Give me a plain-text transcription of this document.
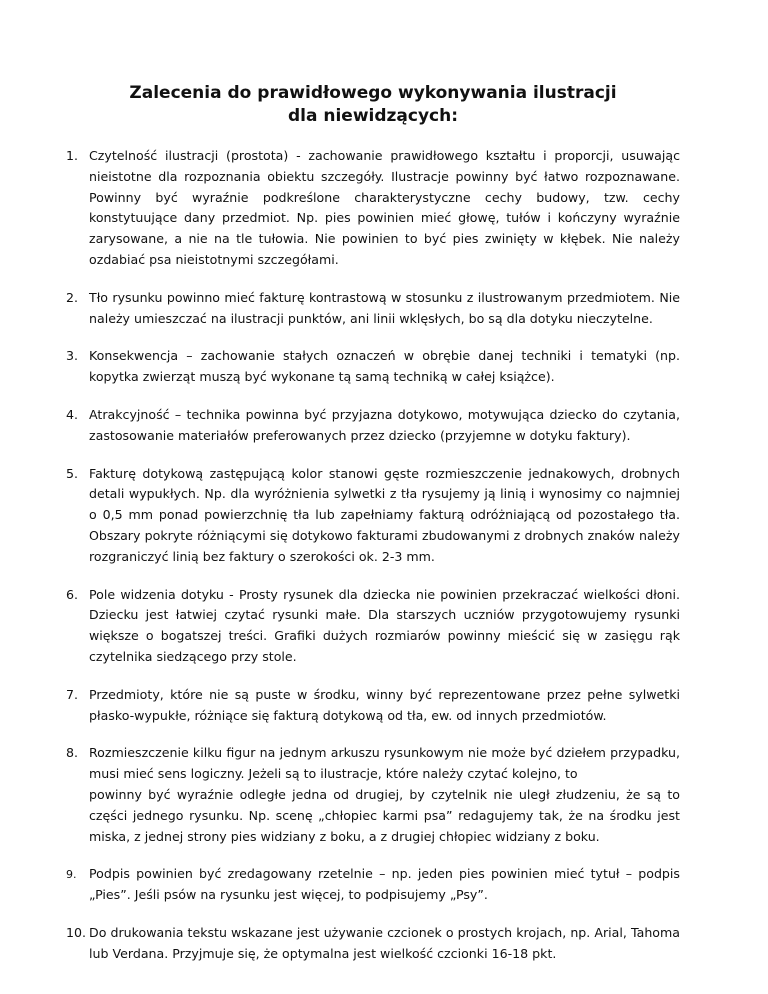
Zalecenia do prawidłowego wykonywania ilustracji
dla niewidzących:
1. Czytelność ilustracji (prostota) - zachowanie prawidłowego kształtu i proporcji, usuwając nieistotne dla rozpoznania obiektu szczegóły. Ilustracje powinny być łatwo rozpoznawane. Powinny być wyraźnie podkreślone charakterystyczne cechy budowy, tzw. cechy konstytuujące dany przedmiot. Np. pies powinien mieć głowę, tułów i kończyny wyraźnie zarysowane, a nie na tle tułowia. Nie powinien to być pies zwinięty w kłębek. Nie należy ozdabiać psa nieistotnymi szczegółami.
2. Tło rysunku powinno mieć fakturę kontrastową w stosunku z ilustrowanym przedmiotem. Nie należy umieszczać na ilustracji punktów, ani linii wklęsłych, bo są dla dotyku nieczytelne.
3. Konsekwencja – zachowanie stałych oznaczeń w obrębie danej techniki i tematyki (np. kopytka zwierząt muszą być wykonane tą samą techniką w całej książce).
4. Atrakcyjność – technika powinna być przyjazna dotykowo, motywująca dziecko do czytania, zastosowanie materiałów preferowanych przez dziecko (przyjemne w dotyku faktury).
5. Fakturę dotykową zastępującą kolor stanowi gęste rozmieszczenie jednakowych, drobnych detali wypukłych. Np. dla wyróżnienia sylwetki z tła rysujemy ją linią i wynosimy co najmniej o 0,5 mm ponad powierzchnię tła lub zapełniamy fakturą odróżniającą od pozostałego tła. Obszary pokryte różniącymi się dotykowo fakturami zbudowanymi z drobnych znaków należy rozgraniczyć linią bez faktury o szerokości ok. 2-3 mm.
6. Pole widzenia dotyku - Prosty rysunek dla dziecka nie powinien przekraczać wielkości dłoni. Dziecku jest łatwiej czytać rysunki małe. Dla starszych uczniów przygotowujemy rysunki większe o bogatszej treści. Grafiki dużych rozmiarów powinny mieścić się w zasięgu rąk czytelnika siedzącego przy stole.
7. Przedmioty, które nie są puste w środku, winny być reprezentowane przez pełne sylwetki płasko-wypukłe, różniące się fakturą dotykową od tła, ew. od innych przedmiotów.
8. Rozmieszczenie kilku figur na jednym arkuszu rysunkowym nie może być dziełem przypadku, musi mieć sens logiczny. Jeżeli są to ilustracje, które należy czytać kolejno, to
powinny być wyraźnie odległe jedna od drugiej, by czytelnik nie uległ złudzeniu, że są to części jednego rysunku. Np. scenę „chłopiec karmi psa” redagujemy tak, że na środku jest miska, z jednej strony pies widziany z boku, a z drugiej chłopiec widziany z boku.
9. Podpis powinien być zredagowany rzetelnie – np. jeden pies powinien mieć tytuł – podpis „Pies”. Jeśli psów na rysunku jest więcej, to podpisujemy „Psy”.
10. Do drukowania tekstu wskazane jest używanie czcionek o prostych krojach, np. Arial, Tahoma lub Verdana. Przyjmuje się, że optymalna jest wielkość czcionki 16-18 pkt.
